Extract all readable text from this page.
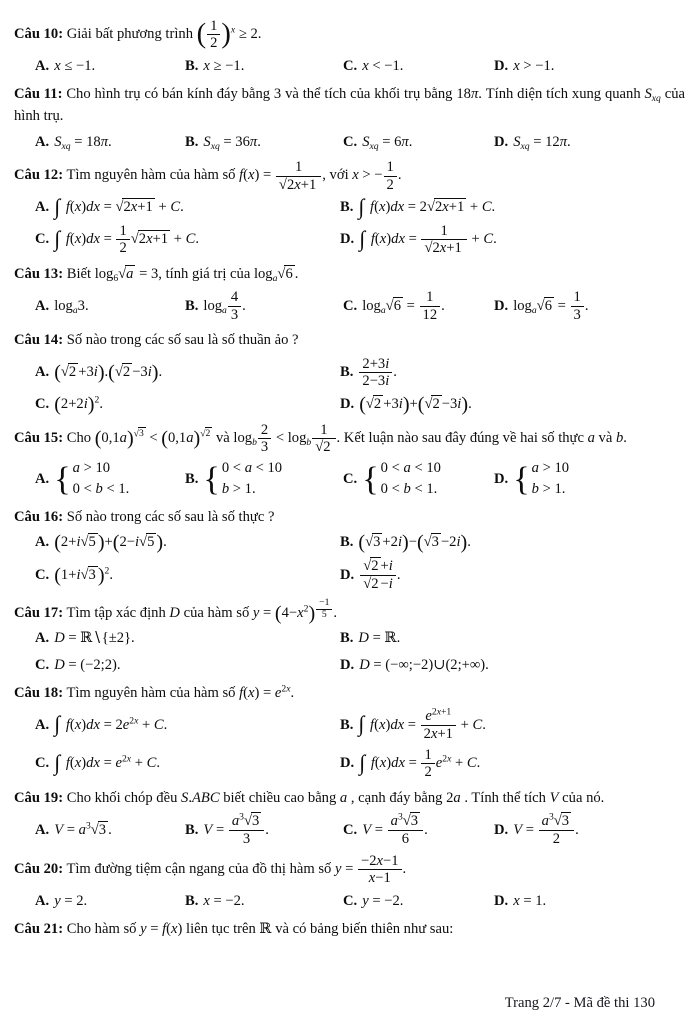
Câu 10: Giải bất phương trình ( $\frac{1}{2} )^x \ge 2$.
A. x ≤ −1.	B. x ≥ −1.	C. x < −1.	D. x > −1.
Câu 11: Cho hình trụ có bán kính đáy bằng 3 và thể tích của khối trụ bằng 18π. Tính diện tích xung quanh $S_{xq}$ của hình trụ.
A. $S_{xq} = 18\pi$.	B. $S_{xq} = 36\pi$.	C. $S_{xq} = 6\pi$.	D. $S_{xq} = 12\pi$.
Câu 12: Tìm nguyên hàm của hàm số $f(x) = \frac{1}{√2x+1}$ , với x > − $\frac{1}{2}$ .
A. ∫ f(x)dx = √2x+1 + C.	B. ∫ f(x)dx = 2√2x+1 + C.
C. ∫ $f(x)dx = \frac{1}{2} √2x+1 + C$.	D. ∫ $f(x)dx = \frac{1}{√2x+1} + C$.
Câu 13: Biết $\log_6√a = 3$, tính giá trị của $\log_a√6$ .
A. $\log_a3$.	B. $\log_a \frac{4}{3}$ .	C. $\log_a√6 = \frac{1}{12}$ .	D. $\log_a√6 = \frac{1}{3}$ .
Câu 14: Số nào trong các số sau là số thuần ảo ?
A. (√2 +3i).(√2 −3i).	B. $\frac{2+3i}{2-3i}$ .
C. $(2+2i)^2$.	D. (√2 +3i)+(√2 −3i).
Câu 15: Cho $(0,1a)^{√3} < (0,1a)^{√2}$ và $\log_b \frac{2}{3} < \log_b \frac{1}{√2}$ . Kết luận nào sau đây đúng về hai số thực a và b.
A. { a > 10
0 < b < 1.
B. { 0 < a < 10
b > 1.
C. { 0 < a < 10
0 < b < 1.
D. { a > 10
b > 1.
Câu 16: Số nào trong các số sau là số thực ?
A. (2+i√5)+(2−i√5).	B. (√3 +2i)−(√3 −2i).
C. $(1+i√3)^2$.	D. $\frac{√2 +i}{√2 -i}$ .
Câu 17: Tìm tập xác định D của hàm số $y = (4-x^2)$ $^{\frac{-1}{5}}$ .
A. D = ℝ∖{±2}.	B. D = ℝ.
C. D = (−2;2).	D. D = (−∞;−2)∪(2;+∞).
Câu 18: Tìm nguyên hàm của hàm số $f(x) = e^{2x}$.
A. ∫ $f(x)dx = 2e^{2x} + C$.	B. ∫ $f(x)dx = \frac{e^{2x+1}}{2x+1} + C$.
C. ∫ $f(x)dx = e^{2x} + C$.	D. ∫ $f(x)dx = \frac{1}{2} e^{2x} + C$.
Câu 19: Cho khối chóp đều S.ABC biết chiều cao bằng a , cạnh đáy bằng 2a . Tính thể tích V của nó.
A. $V = a^3√3$ .	B. $V = \frac{a^3√3}{3}$ .	C. $V = \frac{a^3√3}{6}$ .	D. $V = \frac{a^3√3}{2}$ .
Câu 20: Tìm đường tiệm cận ngang của đồ thị hàm số $y = \frac{-2x-1}{x-1}$ .
A. y = 2.	B. x = −2.	C. y = −2.	D. x = 1.
Câu 21: Cho hàm số y = f(x) liên tục trên ℝ và có bảng biến thiên như sau:
Trang 2/7 - Mã đề thi 130
